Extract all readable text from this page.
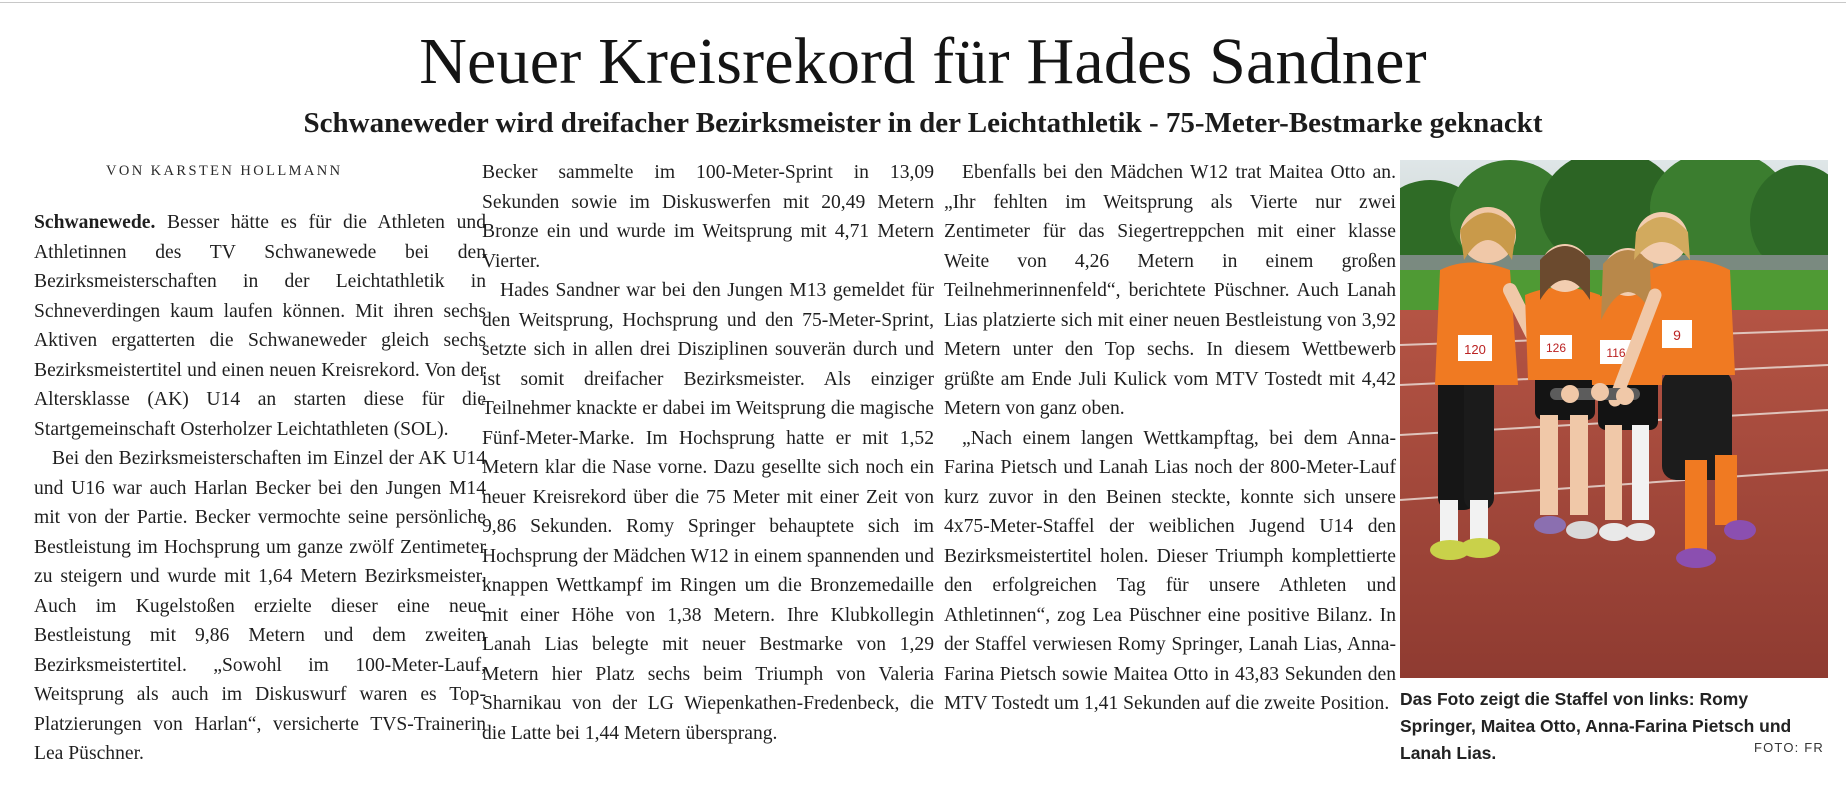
Neuer Kreisrekord für Hades Sandner
Schwaneweder wird dreifacher Bezirksmeister in der Leichtathletik - 75-Meter-Bestmarke geknackt
VON KARSTEN HOLLMANN

Schwanewede. Besser hätte es für die Athleten und Athletinnen des TV Schwanewede bei den Bezirksmeisterschaften in der Leichtathletik in Schneverdingen kaum laufen können. Mit ihren sechs Aktiven ergatterten die Schwaneweder gleich sechs Bezirksmeistertitel und einen neuen Kreisrekord. Von der Altersklasse (AK) U14 an starten diese für die Startgemeinschaft Osterholzer Leichtathleten (SOL).

Bei den Bezirksmeisterschaften im Einzel der AK U14 und U16 war auch Harlan Becker bei den Jungen M14 mit von der Partie. Becker vermochte seine persönliche Bestleistung im Hochsprung um ganze zwölf Zentimeter zu steigern und wurde mit 1,64 Metern Bezirksmeister. Auch im Kugelstoßen erzielte dieser eine neue Bestleistung mit 9,86 Metern und dem zweiten Bezirksmeistertitel. „Sowohl im 100-Meter-Lauf, Weitsprung als auch im Diskuswurf waren es Top-Platzierungen von Harlan“, versicherte TVS-Trainerin Lea Püschner.

Becker sammelte im 100-Meter-Sprint in 13,09 Sekunden sowie im Diskuswerfen mit 20,49 Metern Bronze ein und wurde im Weitsprung mit 4,71 Metern Vierter.

Hades Sandner war bei den Jungen M13 gemeldet für den Weitsprung, Hochsprung und den 75-Meter-Sprint, setzte sich in allen drei Disziplinen souverän durch und ist somit dreifacher Bezirksmeister. Als einziger Teilnehmer knackte er dabei im Weitsprung die magische Fünf-Meter-Marke. Im Hochsprung hatte er mit 1,52 Metern klar die Nase vorne. Dazu gesellte sich noch ein neuer Kreisrekord über die 75 Meter mit einer Zeit von 9,86 Sekunden. Romy Springer behauptete sich im Hochsprung der Mädchen W12 in einem spannenden und knappen Wettkampf im Ringen um die Bronzemedaille mit einer Höhe von 1,38 Metern. Ihre Klubkollegin Lanah Lias belegte mit neuer Bestmarke von 1,29 Metern hier Platz sechs beim Triumph von Valeria Sharnikau von der LG Wiepenkathen-Fredenbeck, die die Latte bei 1,44 Metern übersprang.

Ebenfalls bei den Mädchen W12 trat Maitea Otto an. „Ihr fehlten im Weitsprung als Vierte nur zwei Zentimeter für das Siegertreppchen mit einer klasse Weite von 4,26 Metern in einem großen Teilnehmerinnenfeld“, berichtete Püschner. Auch Lanah Lias platzierte sich mit einer neuen Bestleistung von 3,92 Metern unter den Top sechs. In diesem Wettbewerb grüßte am Ende Juli Kulick vom MTV Tostedt mit 4,42 Metern von ganz oben.

„Nach einem langen Wettkampftag, bei dem Anna-Farina Pietsch und Lanah Lias noch der 800-Meter-Lauf kurz zuvor in den Beinen steckte, konnte sich unsere 4x75-Meter-Staffel der weiblichen Jugend U14 den Bezirksmeistertitel holen. Dieser Triumph komplettierte den erfolgreichen Tag für unsere Athleten und Athletinnen“, zog Lea Püschner eine positive Bilanz. In der Staffel verwiesen Romy Springer, Lanah Lias, Anna-Farina Pietsch sowie Maitea Otto in 43,83 Sekunden den MTV Tostedt um 1,41 Sekunden auf die zweite Position.

120	126	116
9
Das Foto zeigt die Staffel von links: Romy Springer, Maitea Otto, Anna-Farina Pietsch und Lanah Lias.	FOTO: FR
